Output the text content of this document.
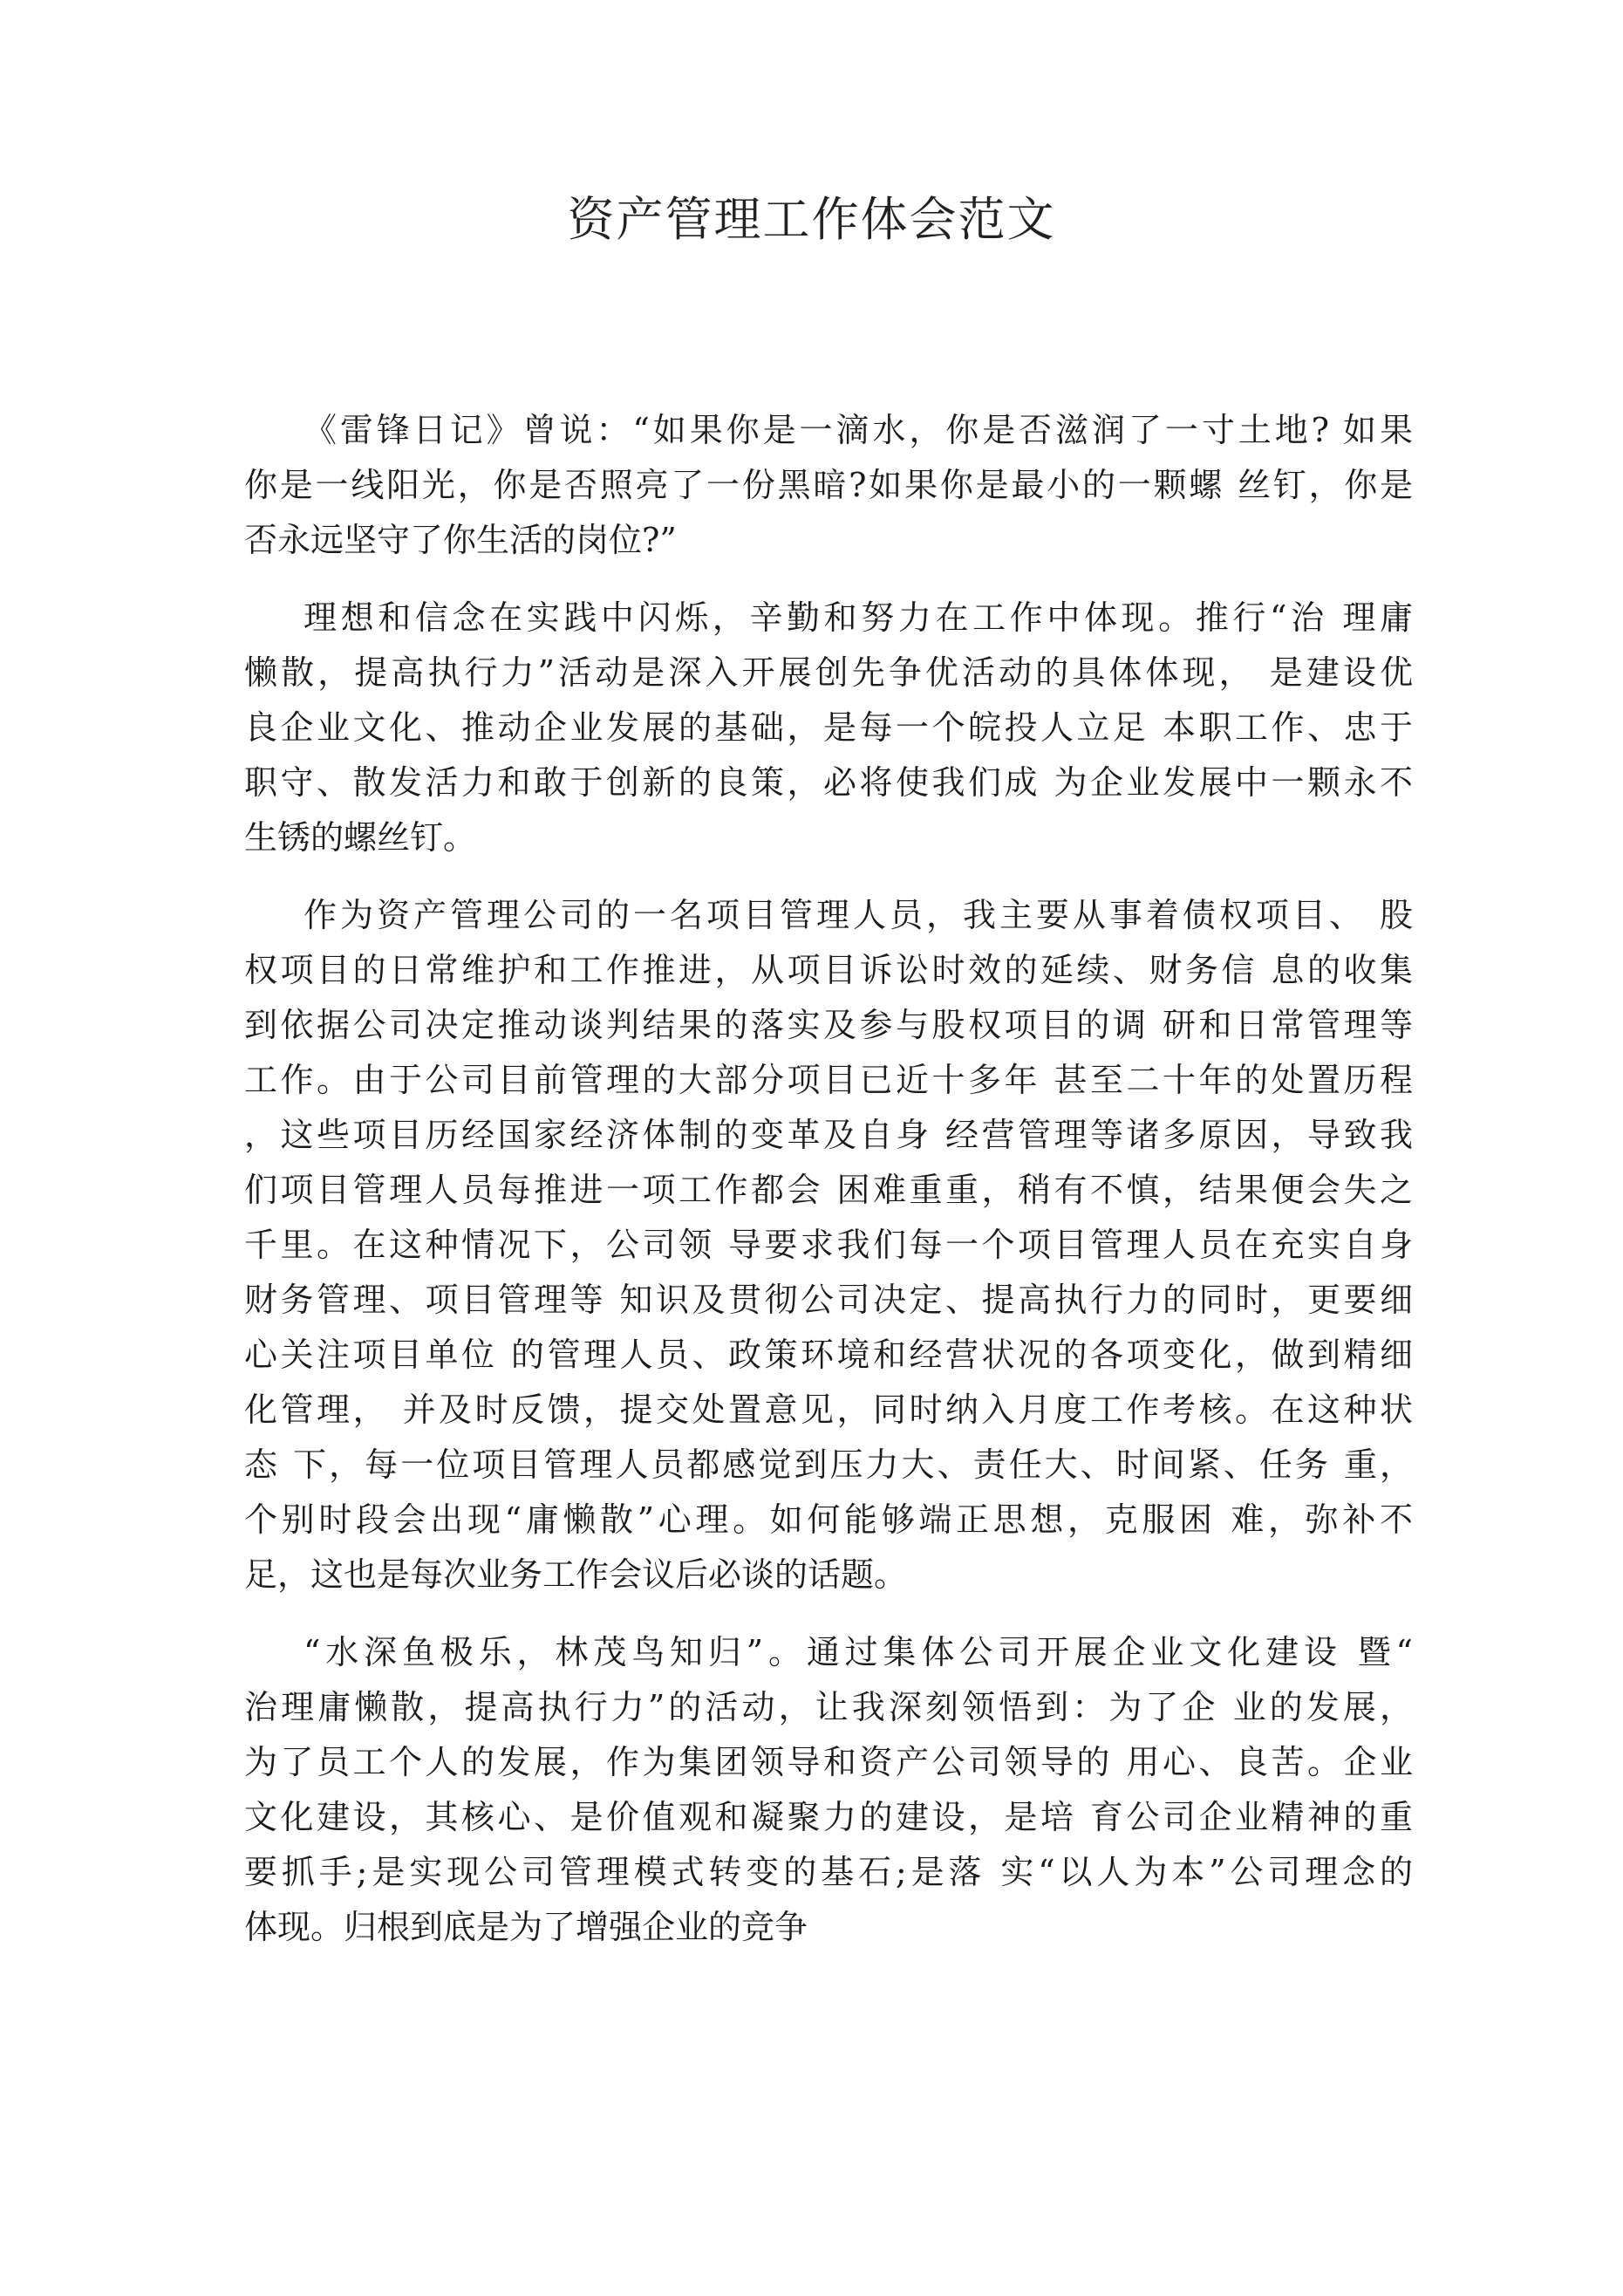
资产管理工作体会范文

《雷锋日记》曾说：“如果你是一滴水，你是否滋润了一寸土地? 如果
你是一线阳光，你是否照亮了一份黑暗?如果你是最小的一颗螺 丝钉，你是
否永远坚守了你生活的岗位?”

理想和信念在实践中闪烁，辛勤和努力在工作中体现。推行“治 理庸
懒散，提高执行力”活动是深入开展创先争优活动的具体体现， 是建设优
良企业文化、推动企业发展的基础，是每一个皖投人立足 本职工作、忠于
职守、散发活力和敢于创新的良策，必将使我们成 为企业发展中一颗永不
生锈的螺丝钉。

作为资产管理公司的一名项目管理人员，我主要从事着债权项目、 股
权项目的日常维护和工作推进，从项目诉讼时效的延续、财务信 息的收集
到依据公司决定推动谈判结果的落实及参与股权项目的调 研和日常管理等
工作。由于公司目前管理的大部分项目已近十多年 甚至二十年的处置历程
，这些项目历经国家经济体制的变革及自身 经营管理等诸多原因，导致我
们项目管理人员每推进一项工作都会 困难重重，稍有不慎，结果便会失之
千里。在这种情况下，公司领 导要求我们每一个项目管理人员在充实自身
财务管理、项目管理等 知识及贯彻公司决定、提高执行力的同时，更要细
心关注项目单位 的管理人员、政策环境和经营状况的各项变化，做到精细
化管理， 并及时反馈，提交处置意见，同时纳入月度工作考核。在这种状
态 下，每一位项目管理人员都感觉到压力大、责任大、时间紧、任务 重，
个别时段会出现“庸懒散”心理。如何能够端正思想，克服困 难，弥补不
足，这也是每次业务工作会议后必谈的话题。

“水深鱼极乐，林茂鸟知归”。通过集体公司开展企业文化建设 暨“
治理庸懒散，提高执行力”的活动，让我深刻领悟到：为了企 业的发展，
为了员工个人的发展，作为集团领导和资产公司领导的 用心、良苦。企业
文化建设，其核心、是价值观和凝聚力的建设，是培 育公司企业精神的重
要抓手;是实现公司管理模式转变的基石;是落 实“以人为本”公司理念的
体现。归根到底是为了增强企业的竞争
